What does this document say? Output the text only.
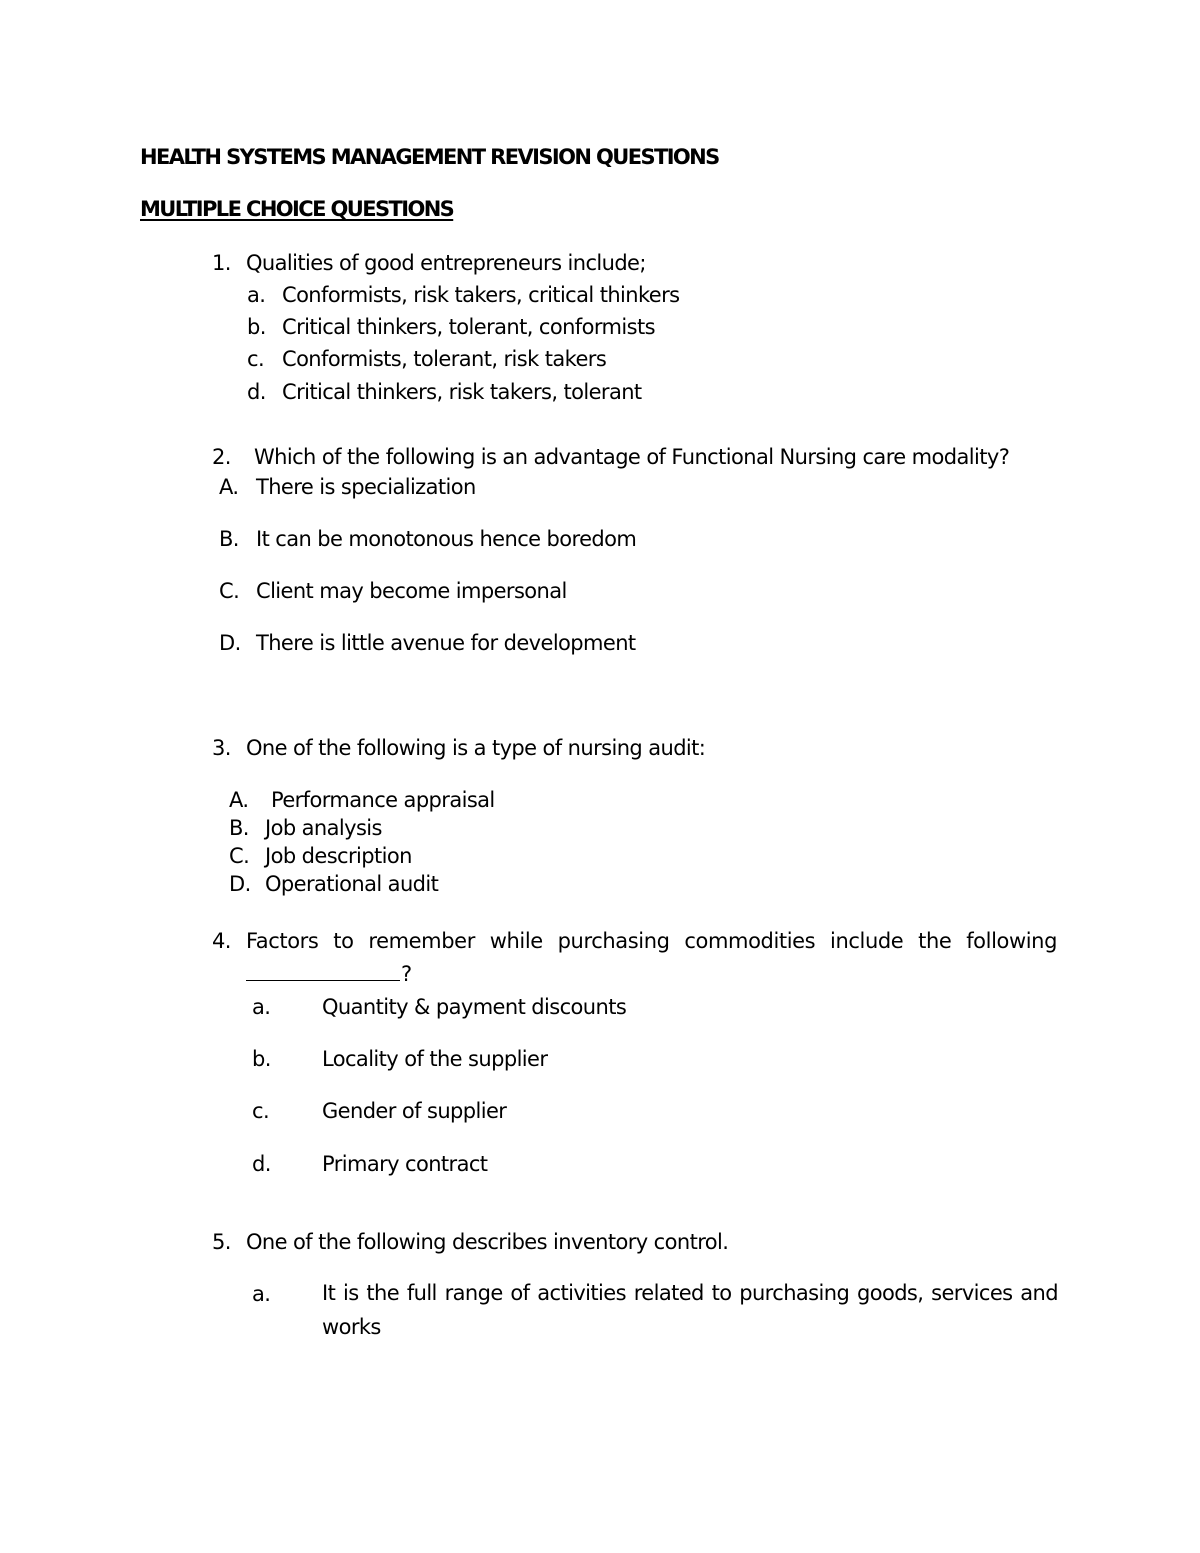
HEALTH SYSTEMS MANAGEMENT REVISION QUESTIONS
MULTIPLE CHOICE QUESTIONS
1. Qualities of good entrepreneurs include;
a. Conformists, risk takers, critical thinkers
b. Critical thinkers, tolerant, conformists
c. Conformists, tolerant, risk takers
d. Critical thinkers, risk takers, tolerant
2. Which of the following is an advantage of Functional Nursing care modality?
A. There is specialization
B. It can be monotonous hence boredom
C. Client may become impersonal
D. There is little avenue for development
3. One of the following is a type of nursing audit:
A. Performance appraisal
B. Job analysis
C. Job description
D. Operational audit
4. Factors to remember while purchasing commodities include the following
?
a. Quantity & payment discounts
b. Locality of the supplier
c.	Gender of supplier
d. Primary contract
5. One of the following describes inventory control.
a. It is the full range of activities related to purchasing goods, services and works
